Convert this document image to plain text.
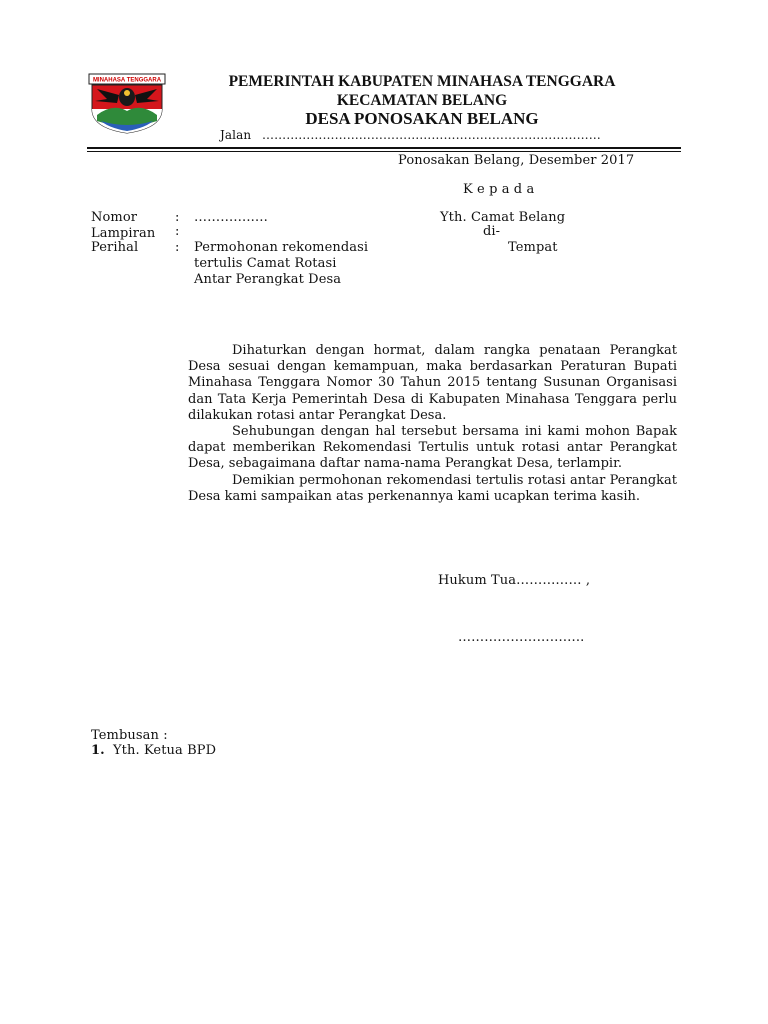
MINAHASA TENGGARA	PEMERINTAH KABUPATEN MINAHASA TENGGARA
KECAMATAN BELANG
DESA PONOSAKAN BELANG
Jalan …………………………………………………………………………
Ponosakan Belang, Desember 2017
K e p a d a
Nomor	: …………..…
Lampiran :
Perihal	: Permohonan rekomendasi
tertulis Camat Rotasi
Antar Perangkat Desa
Yth. Camat Belang
di-
Tempat

Dihaturkan dengan hormat, dalam rangka penataan Perangkat Desa sesuai dengan kemampuan, maka berdasarkan Peraturan Bupati Minahasa Tenggara Nomor 30 Tahun 2015 tentang Susunan Organisasi dan Tata Kerja Pemerintah Desa di Kabupaten Minahasa Tenggara perlu dilakukan rotasi antar Perangkat Desa.

Sehubungan dengan hal tersebut bersama ini kami mohon Bapak dapat memberikan Rekomendasi Tertulis untuk rotasi antar Perangkat Desa, sebagaimana daftar nama-nama Perangkat Desa, terlampir.

Demikian permohonan rekomendasi tertulis rotasi antar Perangkat Desa kami sampaikan atas perkenannya kami ucapkan terima kasih.

Hukum Tua…………… ,
………………………..
Tembusan :
1. Yth. Ketua BPD
